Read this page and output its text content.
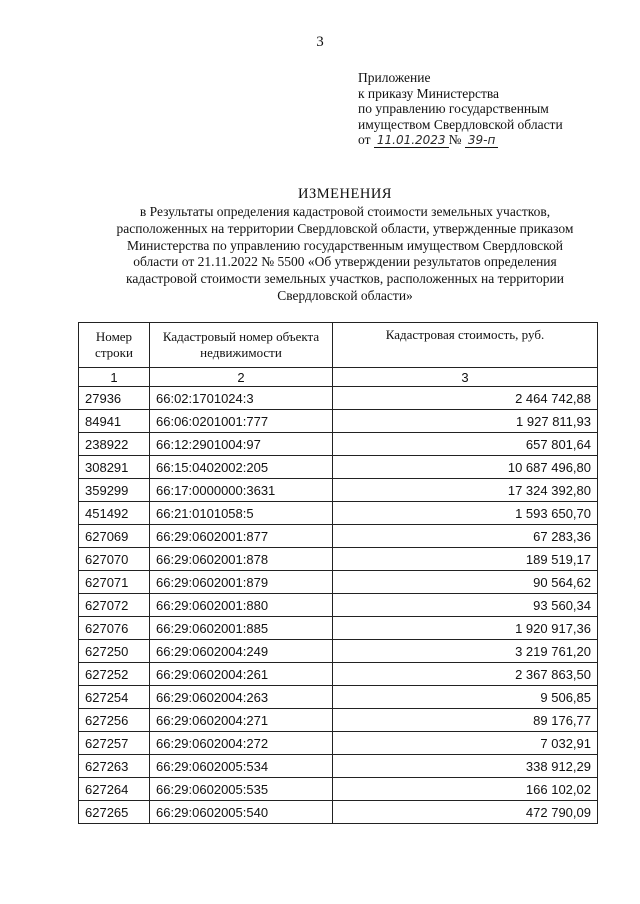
3
Приложение
к приказу Министерства
по управлению государственным
имуществом Свердловской области
от 11.01.2023 № 39-п
ИЗМЕНЕНИЯ
в Результаты определения кадастровой стоимости земельных участков, расположенных на территории Свердловской области, утвержденные приказом Министерства по управлению государственным имуществом Свердловской области от 21.11.2022 № 5500 «Об утверждении результатов определения кадастровой стоимости земельных участков, расположенных на территории Свердловской области»
Номер строки	Кадастровый номер объекта недвижимости	Кадастровая стоимость, руб.
1	2	3
27936	66:02:1701024:3	2 464 742,88
84941	66:06:0201001:777	1 927 811,93
238922	66:12:2901004:97	657 801,64
308291	66:15:0402002:205	10 687 496,80
359299	66:17:0000000:3631	17 324 392,80
451492	66:21:0101058:5	1 593 650,70
627069	66:29:0602001:877	67 283,36
627070	66:29:0602001:878	189 519,17
627071	66:29:0602001:879	90 564,62
627072	66:29:0602001:880	93 560,34
627076	66:29:0602001:885	1 920 917,36
627250	66:29:0602004:249	3 219 761,20
627252	66:29:0602004:261	2 367 863,50
627254	66:29:0602004:263	9 506,85
627256	66:29:0602004:271	89 176,77
627257	66:29:0602004:272	7 032,91
627263	66:29:0602005:534	338 912,29
627264	66:29:0602005:535	166 102,02
627265	66:29:0602005:540	472 790,09
